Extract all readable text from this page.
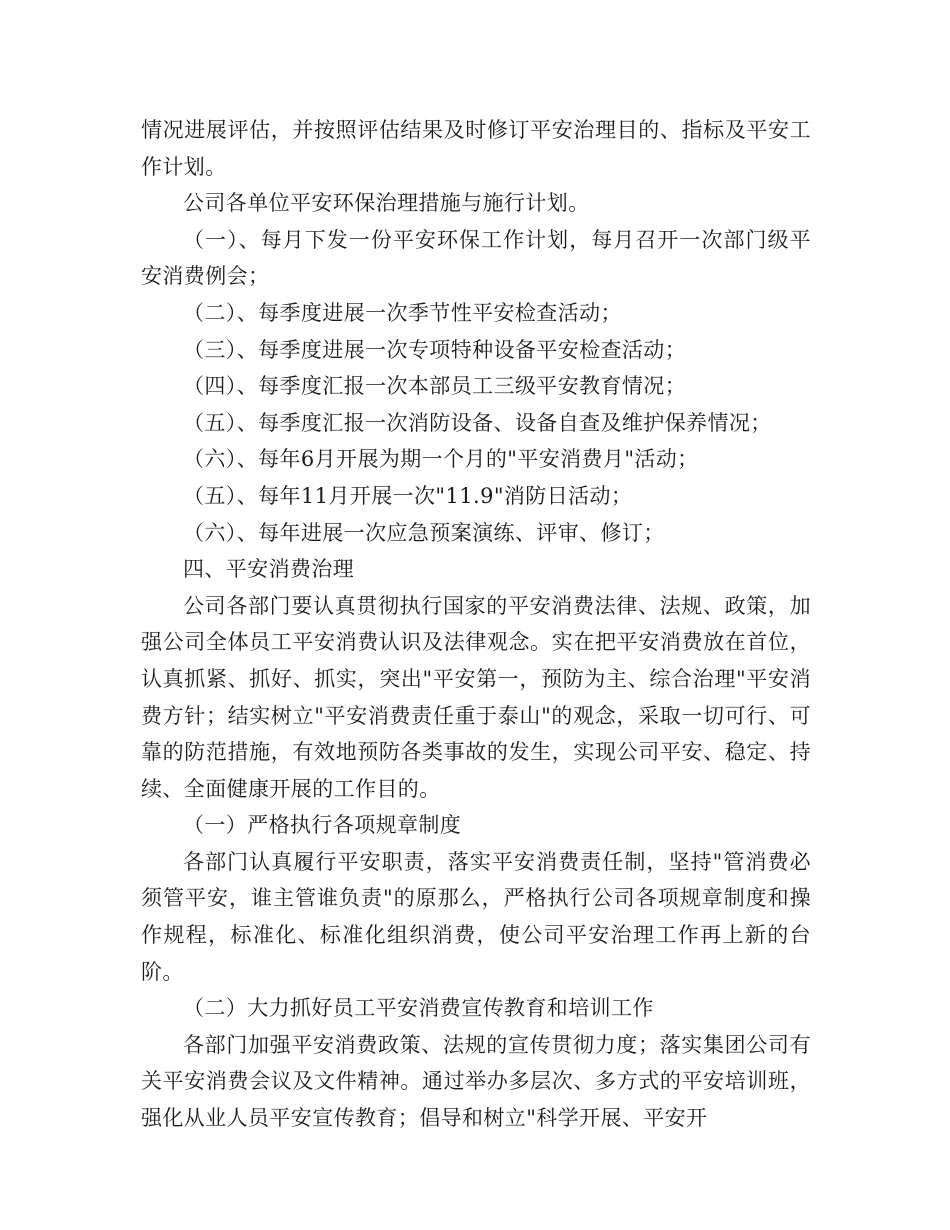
情况进展评估，并按照评估结果及时修订平安治理目的、指标及平安工作计划。

公司各单位平安环保治理措施与施行计划。

（一）、每月下发一份平安环保工作计划，每月召开一次部门级平安消费例会；

（二）、每季度进展一次季节性平安检查活动；

（三）、每季度进展一次专项特种设备平安检查活动；

（四）、每季度汇报一次本部员工三级平安教育情况；

（五）、每季度汇报一次消防设备、设备自查及维护保养情况；

（六）、每年6月开展为期一个月的"平安消费月"活动；

（五）、每年11月开展一次"11.9"消防日活动；

（六）、每年进展一次应急预案演练、评审、修订；

四、平安消费治理

公司各部门要认真贯彻执行国家的平安消费法律、法规、政策，加强公司全体员工平安消费认识及法律观念。实在把平安消费放在首位，认真抓紧、抓好、抓实，突出"平安第一，预防为主、综合治理"平安消费方针；结实树立"平安消费责任重于泰山"的观念，采取一切可行、可靠的防范措施，有效地预防各类事故的发生，实现公司平安、稳定、持续、全面健康开展的工作目的。

（一）严格执行各项规章制度

各部门认真履行平安职责，落实平安消费责任制，坚持"管消费必须管平安，谁主管谁负责"的原那么，严格执行公司各项规章制度和操作规程，标准化、标准化组织消费，使公司平安治理工作再上新的台阶。

（二）大力抓好员工平安消费宣传教育和培训工作

各部门加强平安消费政策、法规的宣传贯彻力度；落实集团公司有关平安消费会议及文件精神。通过举办多层次、多方式的平安培训班，强化从业人员平安宣传教育；倡导和树立"科学开展、平安开
